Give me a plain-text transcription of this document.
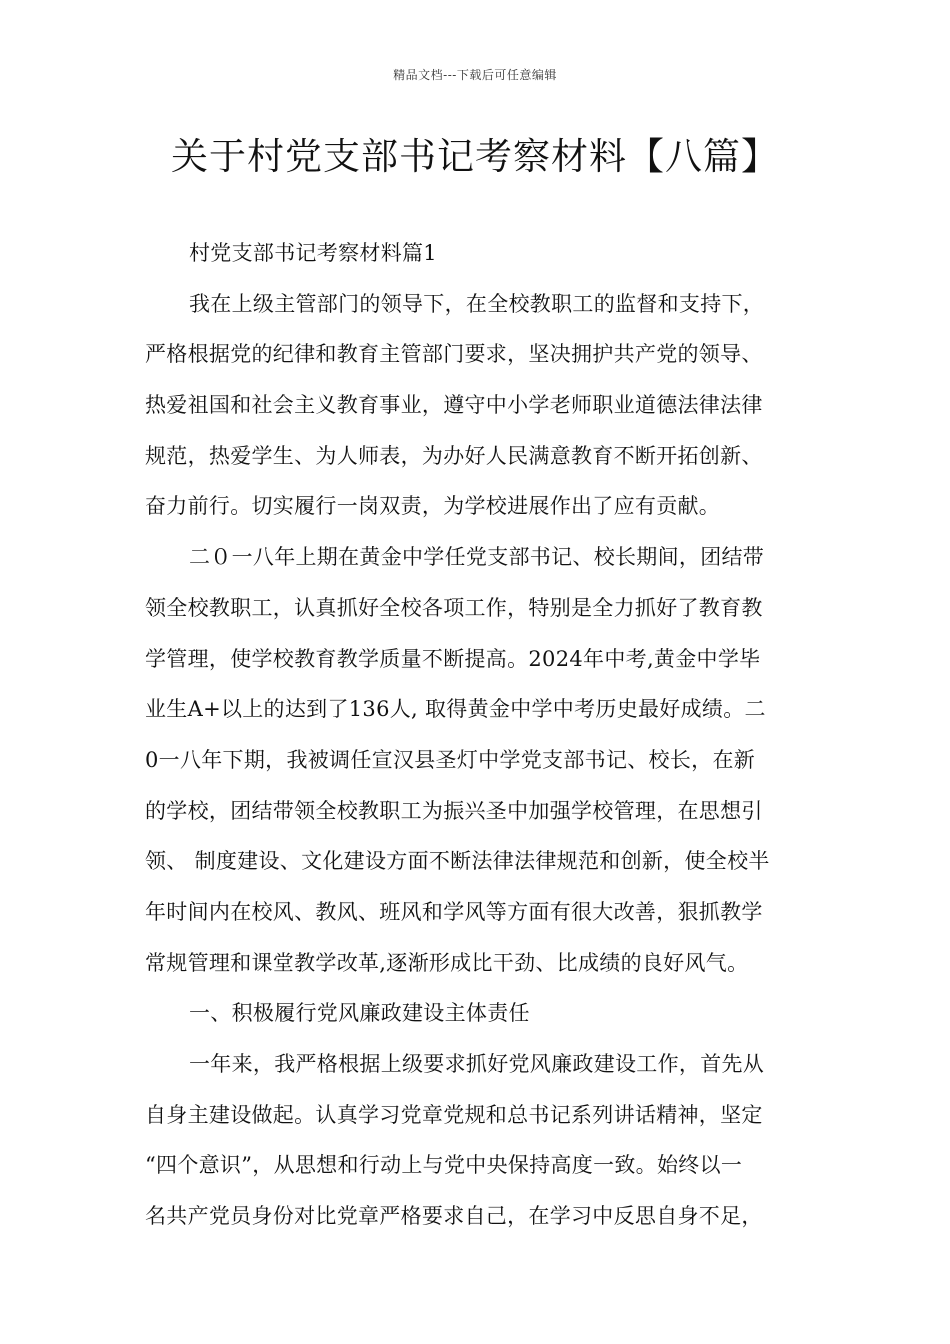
精品文档---下载后可任意编辑
关于村党支部书记考察材料【八篇】
村党支部书记考察材料篇1
我在上级主管部门的领导下，在全校教职工的监督和支持下，
严格根据党的纪律和教育主管部门要求，坚决拥护共产党的领导、
热爱祖国和社会主义教育事业，遵守中小学老师职业道德法律法律
规范，热爱学生、为人师表，为办好人民满意教育不断开拓创新、
奋力前行。切实履行一岗双责，为学校进展作出了应有贡献。
二０一八年上期在黄金中学任党支部书记、校长期间，团结带
领全校教职工，认真抓好全校各项工作，特别是全力抓好了教育教
学管理，使学校教育教学质量不断提高。2024年中考,黄金中学毕
业生A+以上的达到了136人, 取得黄金中学中考历史最好成绩。二
0一八年下期，我被调任宣汉县圣灯中学党支部书记、校长，在新
的学校，团结带领全校教职工为振兴圣中加强学校管理，在思想引
领、 制度建设、文化建设方面不断法律法律规范和创新，使全校半
年时间内在校风、教风、班风和学风等方面有很大改善，狠抓教学
常规管理和课堂教学改革,逐渐形成比干劲、比成绩的良好风气。
一、积极履行党风廉政建设主体责任
一年来，我严格根据上级要求抓好党风廉政建设工作，首先从
自身主建设做起。认真学习党章党规和总书记系列讲话精神，坚定
“四个意识”，从思想和行动上与党中央保持高度一致。始终以一
名共产党员身份对比党章严格要求自己，在学习中反思自身不足，
